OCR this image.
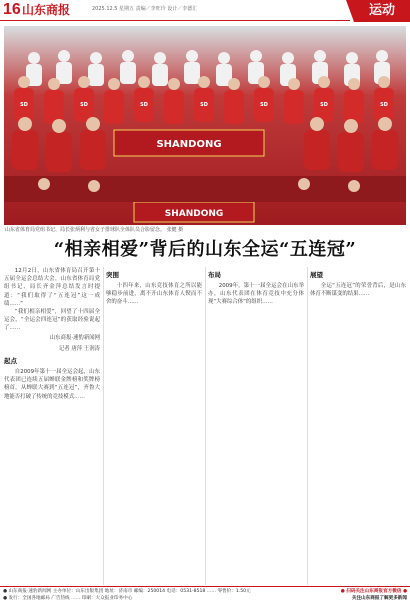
16 山东商报	2025.12.5 星期五 责编／李旺玲 设计／李德汇	运动
SD	SD	SD	SD	SD	SD	SD
SHANDONG
SHANDONG
山东省体育局党组书记、局长张炳利与省女子排球队全体队员合影留念。 张健 摄
“相亲相爱”背后的山东全运“五连冠”

12月2日，山东省体育局召开第十五届全运会总结大会，山东省体育局党组书记、局长齐金萍总结发言时提道：“我们取得了“五连冠”这一成绩……”

“我们相亲相爱”，回望了十四届全运会，“全运会四连冠”的获取经验说起了……

山东商报·速豹新闻网
记者 唐萍 王润涛
起点

自2009年第十一届全运会起，山东代表团已连续五届蝉联金牌榜和奖牌榜榜首。从蝉联大赛到“五连冠”，齐鲁大地能否打破了传统的竞技模式……

突围

十四年来，山东竞技体育之所以能够稳步前进，离不开山东体育人锲而不舍的奋斗……

布局

2009年，第十一届全运会在山东举办，山东代表团在体育竞技中充分体现“大赛综合体”的组织……

展望

全运“五连冠”的荣誉背后，是山东体育不断谋变的结果……

● 山东商报·速豹新闻网 主办单位：山东出版集团 地址：济南市 邮编：250014 电话：0531-8518 …… 零售价：1.50元
● 发行：全国各地邮局 广告热线 …… 印刷：大众报业印务中心
● 扫码关注山东商报官方微信 ●
关注山东商报了解更多新闻
